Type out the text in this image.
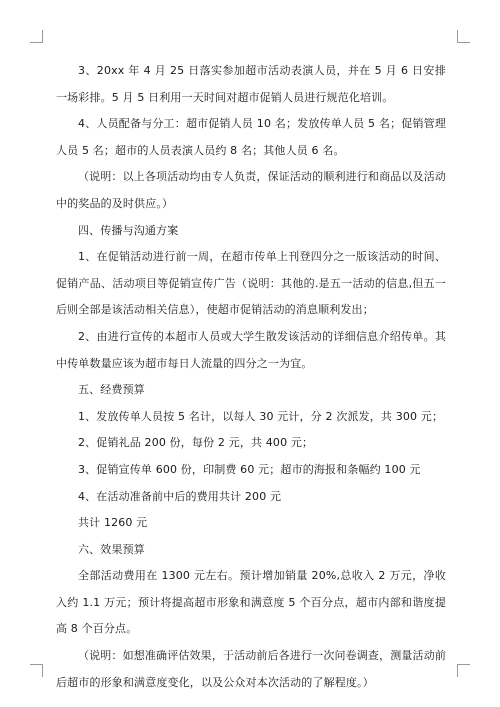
3、20xx 年 4 月 25 日落实参加超市活动表演人员，并在 5 月 6 日安排一场彩排。5 月 5 日利用一天时间对超市促销人员进行规范化培训。

4、人员配备与分工：超市促销人员 10 名；发放传单人员 5 名；促销管理人员 5 名；超市的人员表演人员约 8 名；其他人员 6 名。

（说明：以上各项活动均由专人负责，保证活动的顺利进行和商品以及活动中的奖品的及时供应。）

四、传播与沟通方案

1、在促销活动进行前一周，在超市传单上刊登四分之一版该活动的时间、促销产品、活动项目等促销宣传广告（说明：其他的.是五一活动的信息,但五一后则全部是该活动相关信息），使超市促销活动的消息顺利发出；

2、由进行宣传的本超市人员或大学生散发该活动的详细信息介绍传单。其中传单数量应该为超市每日人流量的四分之一为宜。

五、经费预算

1、发放传单人员按 5 名计，以每人 30 元计，分 2 次派发，共 300 元；

2、促销礼品 200 份，每份 2 元，共 400 元；

3、促销宣传单 600 份，印制费 60 元；超市的海报和条幅约 100 元

4、在活动准备前中后的费用共计 200 元

共计 1260 元

六、效果预算

全部活动费用在 1300 元左右。预计增加销量 20%,总收入 2 万元，净收入约 1.1 万元；预计将提高超市形象和满意度 5 个百分点，超市内部和谐度提高 8 个百分点。

（说明：如想准确评估效果，于活动前后各进行一次问卷调查，测量活动前后超市的形象和满意度变化，以及公众对本次活动的了解程度。）
